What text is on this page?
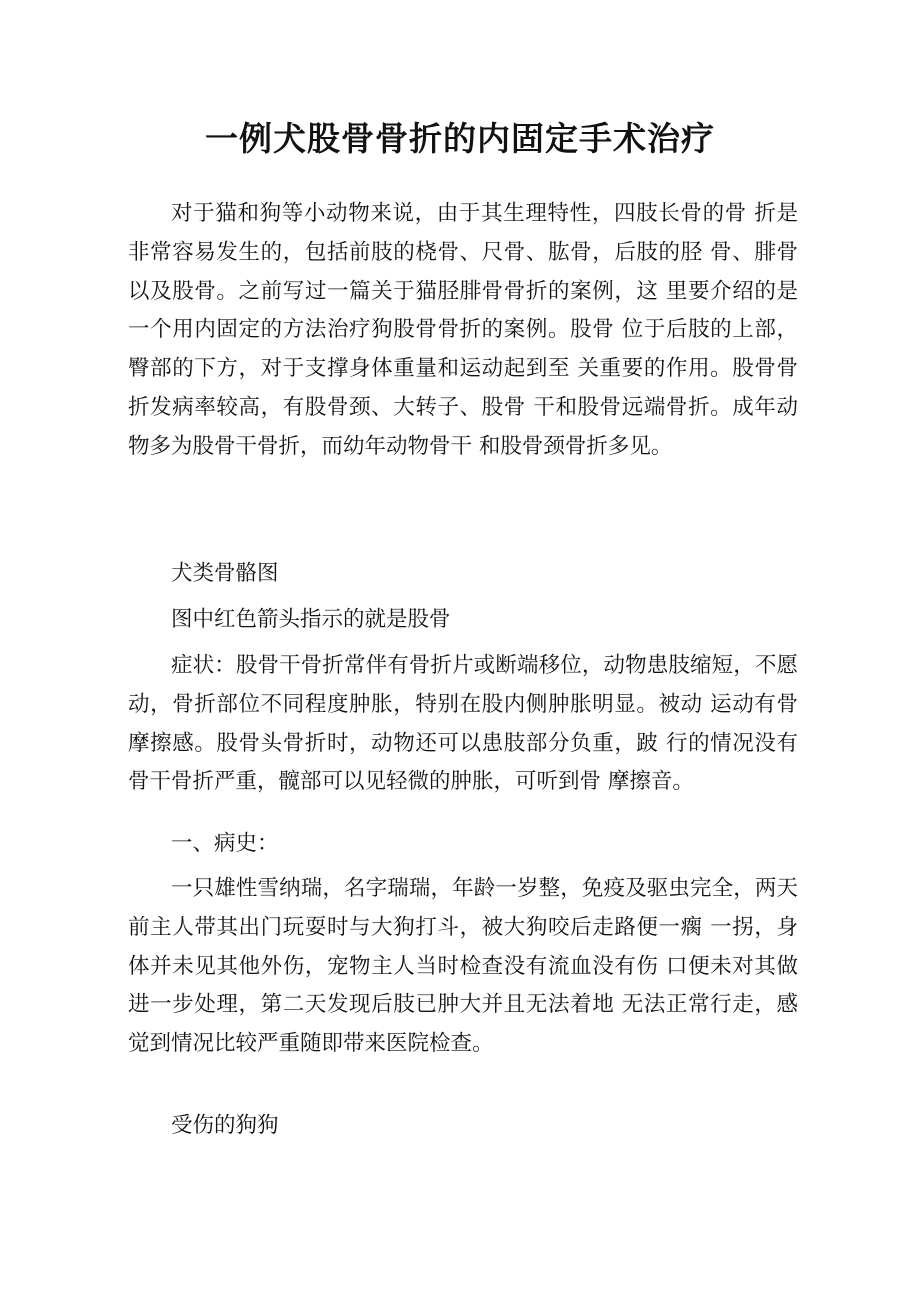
一例犬股骨骨折的内固定手术治疗

对于猫和狗等小动物来说，由于其生理特性，四肢长骨的骨 折是非常容易发生的，包括前肢的桡骨、尺骨、肱骨，后肢的胫 骨、腓骨以及股骨。之前写过一篇关于猫胫腓骨骨折的案例，这 里要介绍的是一个用内固定的方法治疗狗股骨骨折的案例。股骨 位于后肢的上部，臀部的下方，对于支撑身体重量和运动起到至 关重要的作用。股骨骨折发病率较高，有股骨颈、大转子、股骨 干和股骨远端骨折。成年动物多为股骨干骨折，而幼年动物骨干 和股骨颈骨折多见。

犬类骨骼图

图中红色箭头指示的就是股骨

症状：股骨干骨折常伴有骨折片或断端移位，动物患肢缩短，不愿动，骨折部位不同程度肿胀，特别在股内侧肿胀明显。被动 运动有骨摩擦感。股骨头骨折时，动物还可以患肢部分负重，跛 行的情况没有骨干骨折严重，髋部可以见轻微的肿胀，可听到骨 摩擦音。

一、病史：

一只雄性雪纳瑞，名字瑞瑞，年龄一岁整，免疫及驱虫完全，两天前主人带其出门玩耍时与大狗打斗，被大狗咬后走路便一瘸 一拐，身体并未见其他外伤，宠物主人当时检查没有流血没有伤 口便未对其做进一步处理，第二天发现后肢已肿大并且无法着地 无法正常行走，感觉到情况比较严重随即带来医院检查。

受伤的狗狗
